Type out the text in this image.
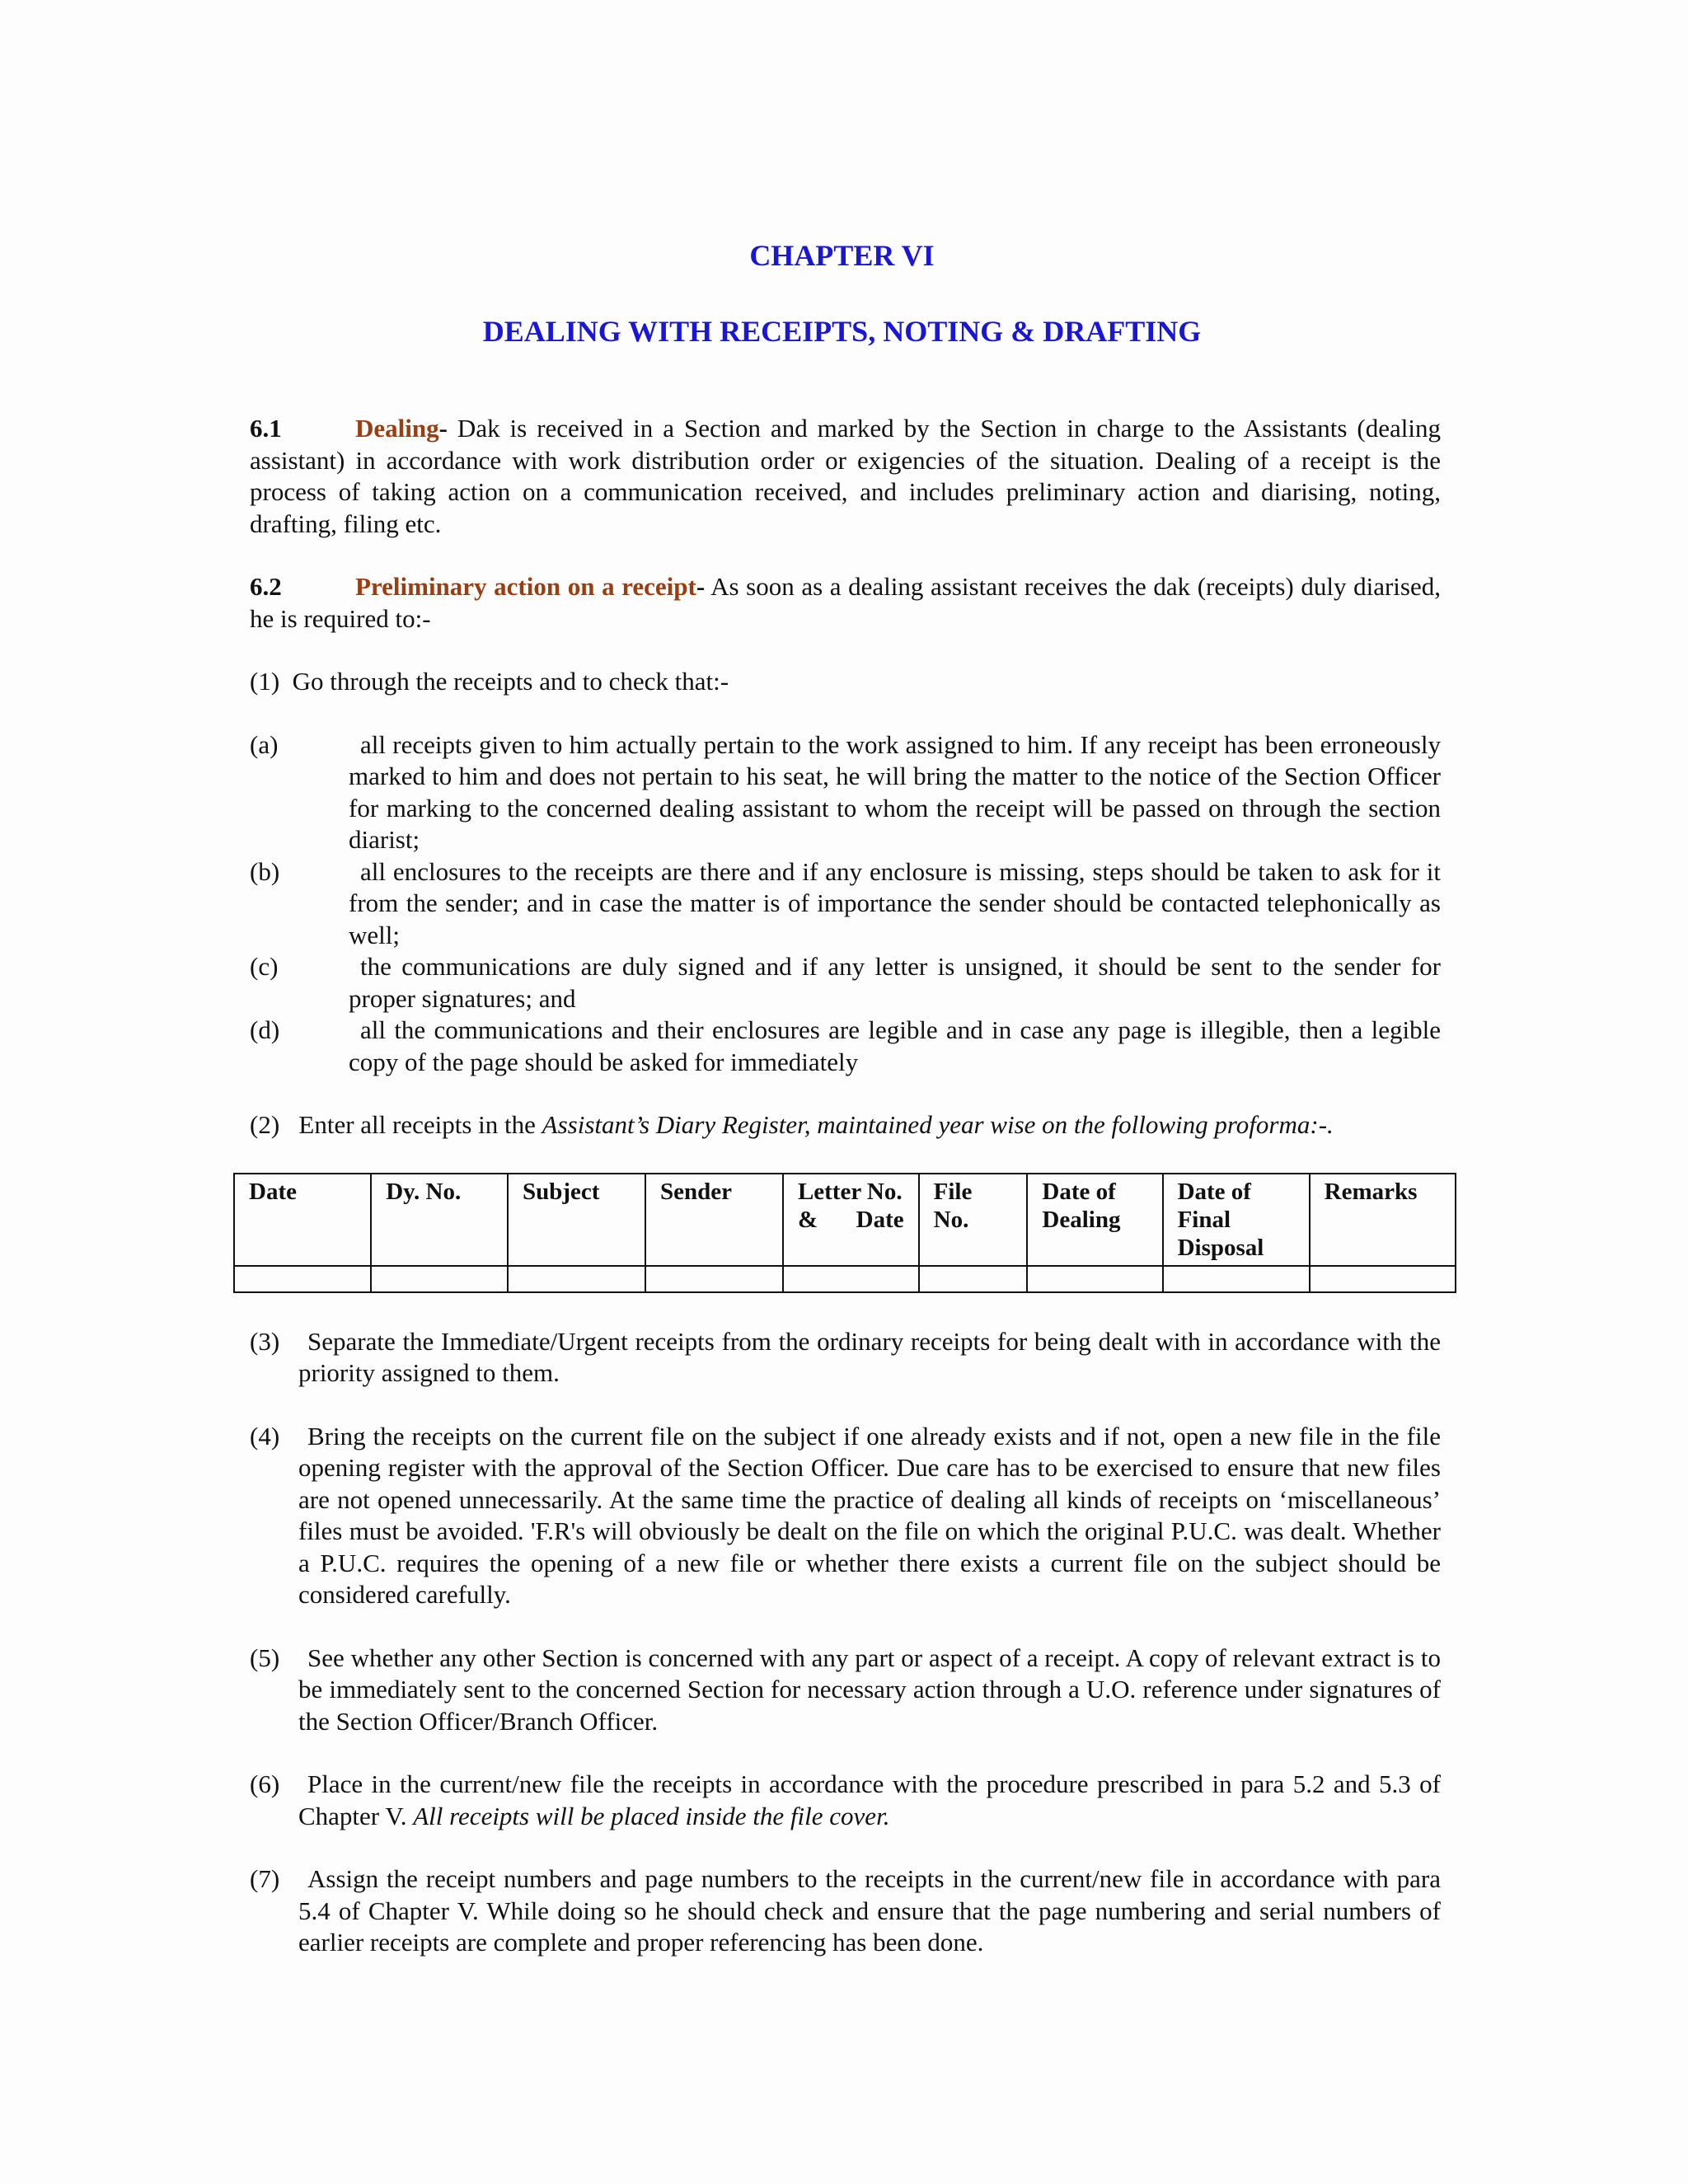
CHAPTER VI
DEALING WITH RECEIPTS, NOTING & DRAFTING

6.1	Dealing- Dak is received in a Section and marked by the Section in charge to the Assistants (dealing assistant) in accordance with work distribution order or exigencies of the situation. Dealing of a receipt is the process of taking action on a communication received, and includes preliminary action and diarising, noting, drafting, filing etc.

6.2	Preliminary action on a receipt- As soon as a dealing assistant receives the dak (receipts) duly diarised, he is required to:-

(1) Go through the receipts and to check that:-

(a)	all receipts given to him actually pertain to the work assigned to him. If any receipt has been erroneously marked to him and does not pertain to his seat, he will bring the matter to the notice of the Section Officer for marking to the concerned dealing assistant to whom the receipt will be passed on through the section diarist;
(b)	all enclosures to the receipts are there and if any enclosure is missing, steps should be taken to ask for it from the sender; and in case the matter is of importance the sender should be contacted telephonically as well;
(c)	the communications are duly signed and if any letter is unsigned, it should be sent to the sender for proper signatures; and
(d)	all the communications and their enclosures are legible and in case any page is illegible, then a legible copy of the page should be asked for immediately

(2) Enter all receipts in the Assistant’s Diary Register, maintained year wise on the following proforma:-.

Date	Dy. No.	Subject	Sender	Letter No. & Date	File No.	Date of Dealing	Date of Final Disposal	Remarks

(3) Separate the Immediate/Urgent receipts from the ordinary receipts for being dealt with in accordance with the priority assigned to them.
(4) Bring the receipts on the current file on the subject if one already exists and if not, open a new file in the file opening register with the approval of the Section Officer. Due care has to be exercised to ensure that new files are not opened unnecessarily. At the same time the practice of dealing all kinds of receipts on ‘miscellaneous’ files must be avoided. 'F.R's will obviously be dealt on the file on which the original P.U.C. was dealt. Whether a P.U.C. requires the opening of a new file or whether there exists a current file on the subject should be considered carefully.
(5) See whether any other Section is concerned with any part or aspect of a receipt. A copy of relevant extract is to be immediately sent to the concerned Section for necessary action through a U.O. reference under signatures of the Section Officer/Branch Officer.
(6) Place in the current/new file the receipts in accordance with the procedure prescribed in para 5.2 and 5.3 of Chapter V. All receipts will be placed inside the file cover.
(7) Assign the receipt numbers and page numbers to the receipts in the current/new file in accordance with para 5.4 of Chapter V. While doing so he should check and ensure that the page numbering and serial numbers of earlier receipts are complete and proper referencing has been done.
